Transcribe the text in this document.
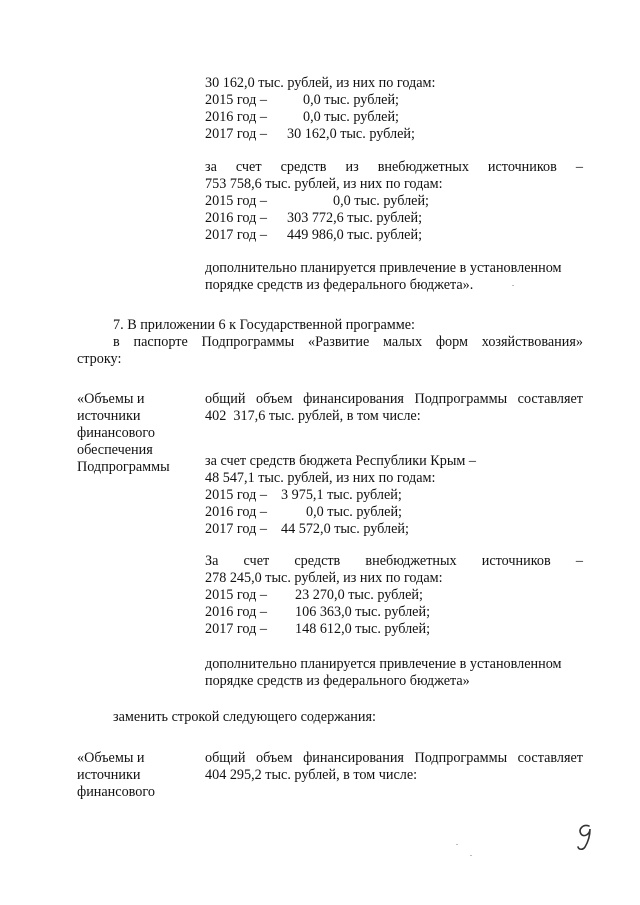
30 162,0 тыс. рублей, из них по годам:
2015 год –	0,0 тыс. рублей;
2016 год –	0,0 тыс. рублей;
2017 год – 30 162,0 тыс. рублей;
за счет средств из внебюджетных источников –
753 758,6 тыс. рублей, из них по годам:
2015 год –	0,0 тыс. рублей;
2016 год – 303 772,6 тыс. рублей;
2017 год – 449 986,0 тыс. рублей;
дополнительно планируется привлечение в установленном
порядке средств из федерального бюджета».
7. В приложении 6 к Государственной программе:
в паспорте Подпрограммы «Развитие малых форм хозяйствования»
строку:
«Объемы и
источники
финансового
обеспечения
Подпрограммы
общий объем финансирования Подпрограммы составляет
402  317,6 тыс. рублей, в том числе:
за счет средств бюджета Республики Крым –
48 547,1 тыс. рублей, из них по годам:
2015 год – 3 975,1 тыс. рублей;
2016 год –	0,0 тыс. рублей;
2017 год – 44 572,0 тыс. рублей;
За счет средств внебюджетных источников –
278 245,0 тыс. рублей, из них по годам:
2015 год – 23 270,0 тыс. рублей;
2016 год – 106 363,0 тыс. рублей;
2017 год – 148 612,0 тыс. рублей;
дополнительно планируется привлечение в установленном
порядке средств из федерального бюджета»
заменить строкой следующего содержания:
«Объемы и
источники
финансового
общий объем финансирования Подпрограммы составляет
404 295,2 тыс. рублей, в том числе:
